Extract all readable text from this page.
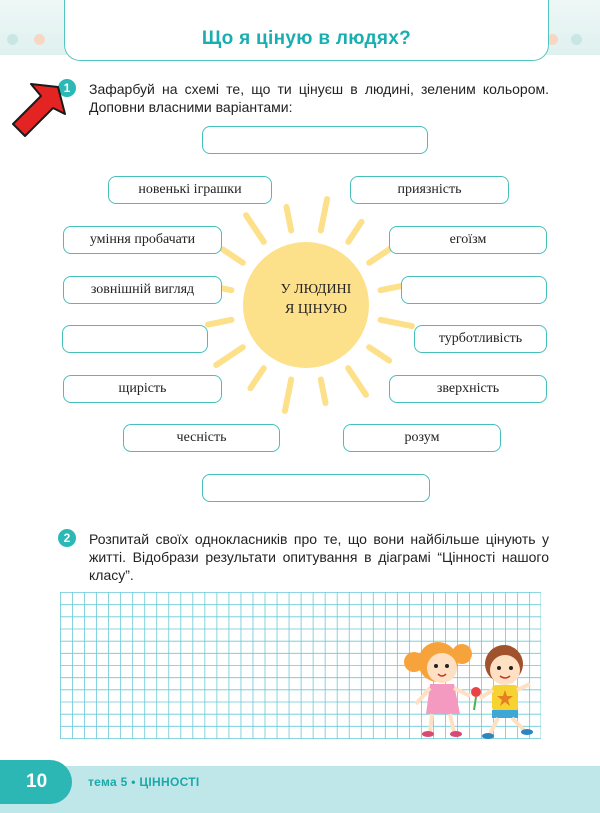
Що я ціную в людях?
1	Зафарбуй на схемі те, що ти цінуєш в людині, зеленим кольором. Доповни власними варіантами:
У ЛЮДИНІ
Я ЦІНУЮ
новенькі іграшки	приязність
уміння пробачати	егоїзм
зовнішній вигляд
турботливість
щирість	зверхність
чесність	розум
2	Розпитай своїх однокласників про те, що вони найбільше цінують у житті. Відобрази результати опитування в діаграмі “Цінності нашого класу”.
10	тема 5 • ЦІННОСТІ
